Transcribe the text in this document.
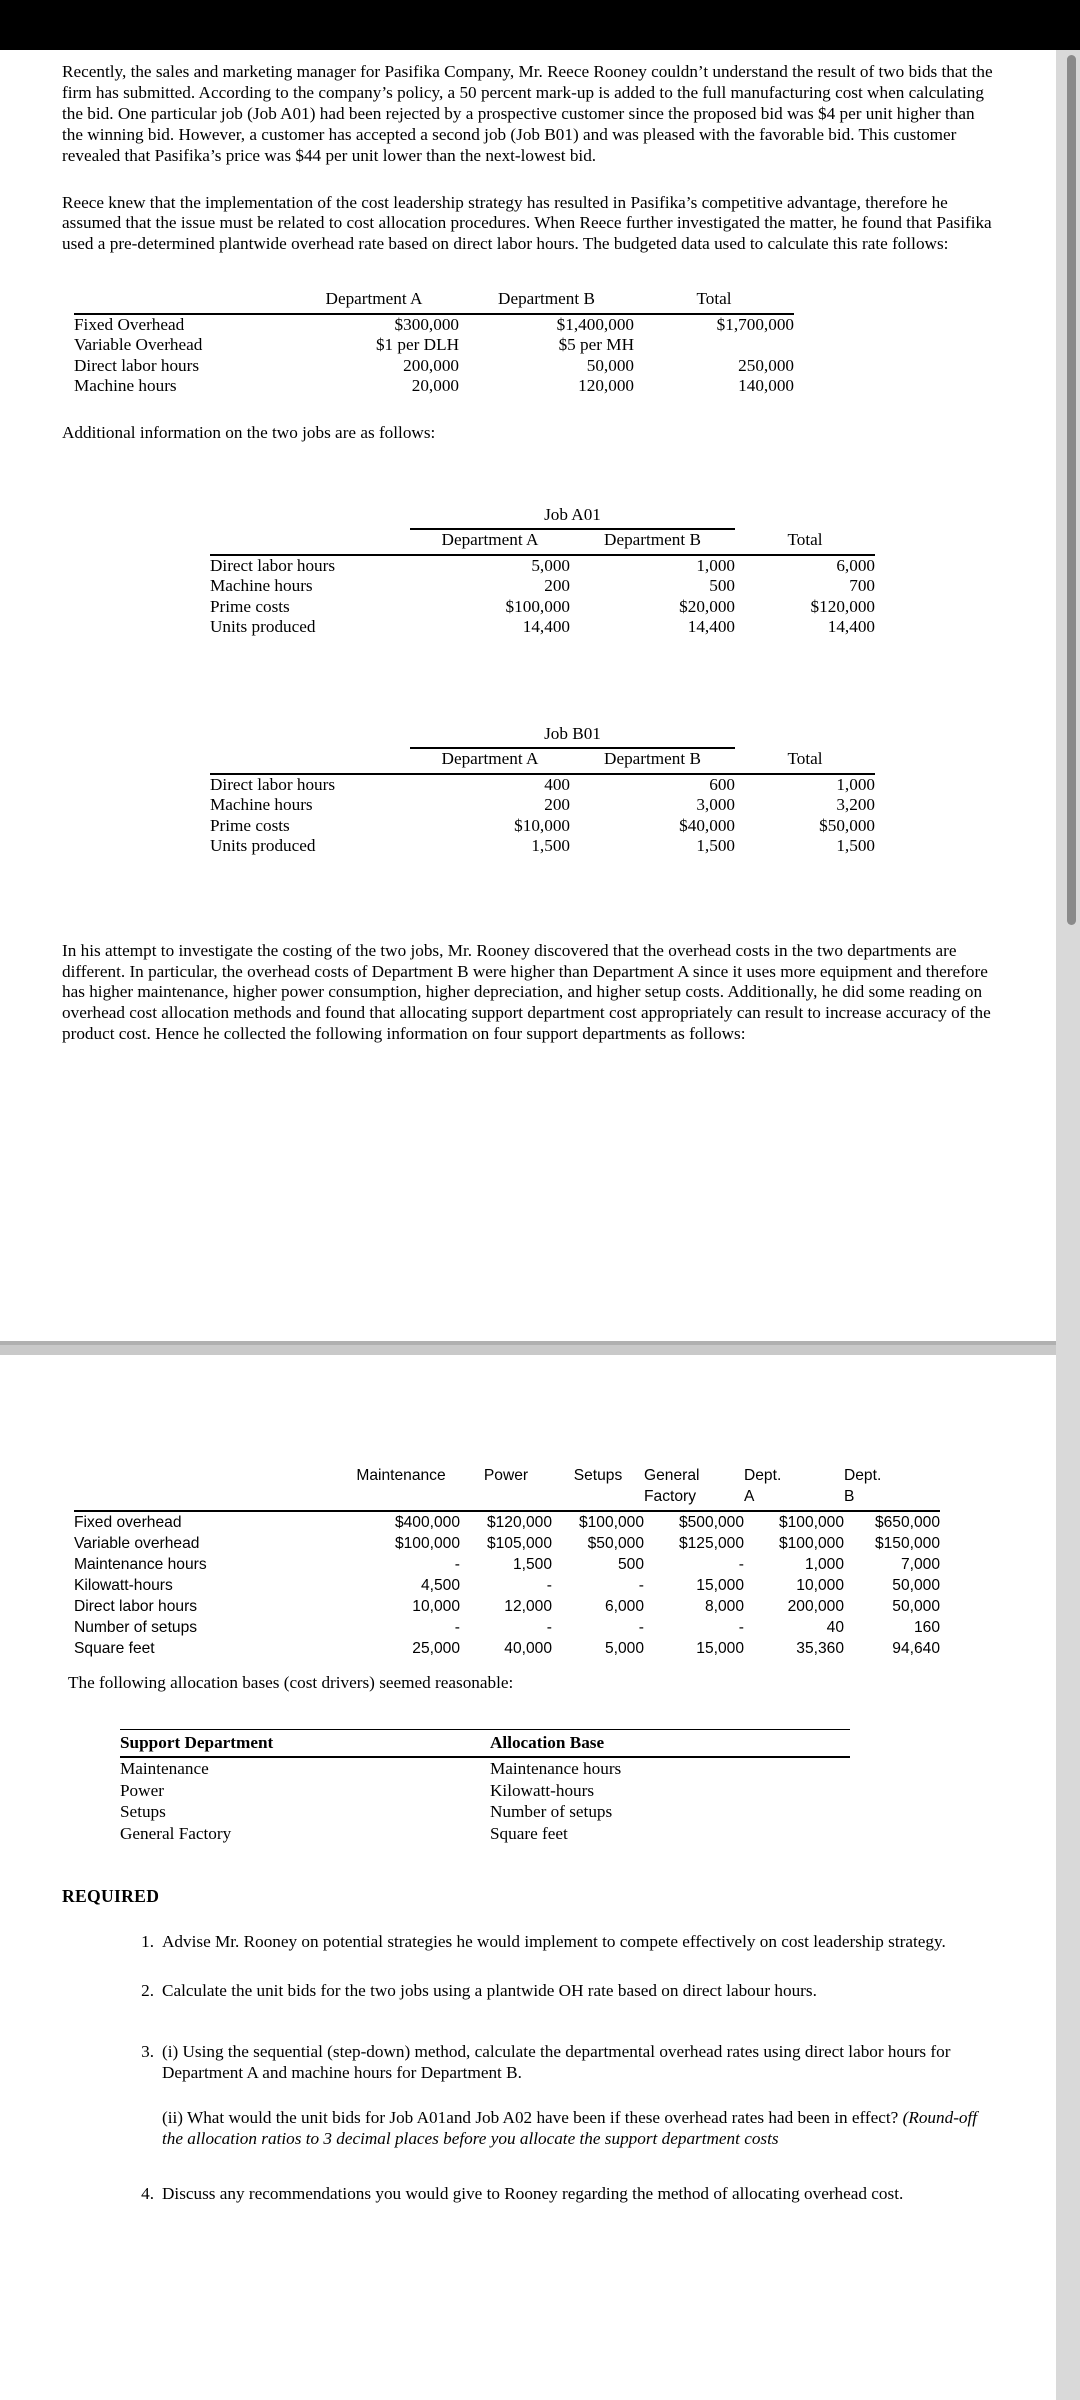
Recently, the sales and marketing manager for Pasifika Company, Mr. Reece Rooney couldn’t understand the result of two bids that the firm has submitted. According to the company’s policy, a 50 percent mark-up is added to the full manufacturing cost when calculating the bid. One particular job (Job A01) had been rejected by a prospective customer since the proposed bid was $4 per unit higher than the winning bid. However, a customer has accepted a second job (Job B01) and was pleased with the favorable bid. This customer revealed that Pasifika’s price was $44 per unit lower than the next-lowest bid.

Reece knew that the implementation of the cost leadership strategy has resulted in Pasifika’s competitive advantage, therefore he assumed that the issue must be related to cost allocation procedures. When Reece further investigated the matter, he found that Pasifika used a pre-determined plantwide overhead rate based on direct labor hours. The budgeted data used to calculate this rate follows:

	Department A	Department B	Total

Fixed Overhead	$300,000	$1,400,000	$1,700,000
Variable Overhead	$1 per DLH	$5 per MH	
Direct labor hours	200,000	50,000	250,000
Machine hours	20,000	120,000	140,000

Additional information on the two jobs are as follows:

	Job A01		

	Department A	Department B	Total

Direct labor hours	5,000	1,000	6,000
Machine hours	200	500	700
Prime costs	$100,000	$20,000	$120,000
Units produced	14,400	14,400	14,400
	Job B01		

	Department A	Department B	Total

Direct labor hours	400	600	1,000
Machine hours	200	3,000	3,200
Prime costs	$10,000	$40,000	$50,000
Units produced	1,500	1,500	1,500

In his attempt to investigate the costing of the two jobs, Mr. Rooney discovered that the overhead costs in the two departments are different. In particular, the overhead costs of Department B were higher than Department A since it uses more equipment and therefore has higher maintenance, higher power consumption, higher depreciation, and higher setup costs. Additionally, he did some reading on overhead cost allocation methods and found that allocating support department cost appropriately can result to increase accuracy of the product cost. Hence he collected the following information on four support departments as follows:

	Maintenance	Power	Setups	General	Dept.	Dept.
				Factory	A	B

Fixed overhead	$400,000	$120,000	$100,000	$500,000	$100,000	$650,000
Variable overhead	$100,000	$105,000	$50,000	$125,000	$100,000	$150,000
Maintenance hours	-	1,500	500	-	1,000	7,000
Kilowatt-hours	4,500	-	-	15,000	10,000	50,000
Direct labor hours	10,000	12,000	6,000	8,000	200,000	50,000
Number of setups	-	-	-	-	40	160
Square feet	25,000	40,000	5,000	15,000	35,360	94,640

The following allocation bases (cost drivers) seemed reasonable:

Support Department	Allocation Base

Maintenance	Maintenance hours
Power	Kilowatt-hours
Setups	Number of setups
General Factory	Square feet
REQUIRED
1. Advise Mr. Rooney on potential strategies he would implement to compete effectively on cost leadership strategy.
2. Calculate the unit bids for the two jobs using a plantwide OH rate based on direct labour hours.
3. (i) Using the sequential (step-down) method, calculate the departmental overhead rates using direct labor hours for Department A and machine hours for Department B.
(ii) What would the unit bids for Job A01and Job A02 have been if these overhead rates had been in effect? (Round-off the allocation ratios to 3 decimal places before you allocate the support department costs
4. Discuss any recommendations you would give to Rooney regarding the method of allocating overhead cost.
